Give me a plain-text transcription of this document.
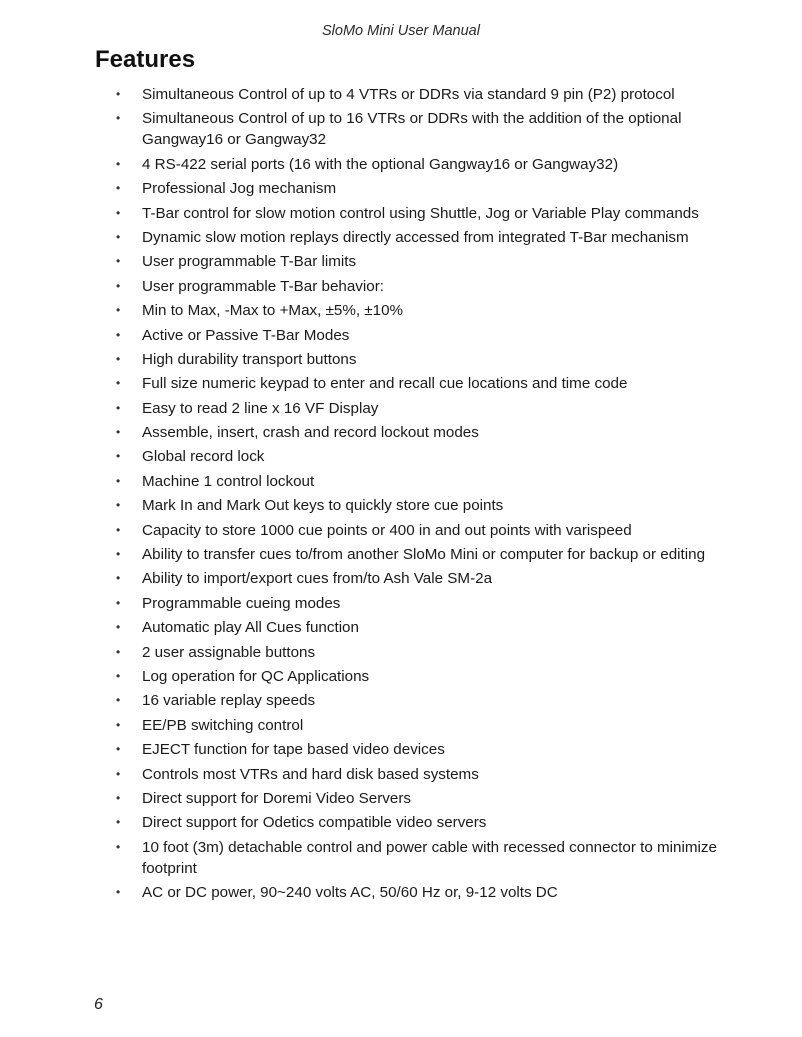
SloMo Mini User Manual

Features
• Simultaneous Control of up to 4 VTRs or DDRs via standard 9 pin (P2) protocol
• Simultaneous Control of up to 16 VTRs or DDRs with the addition of the optional Gangway16 or Gangway32
• 4 RS-422 serial ports (16 with the optional Gangway16 or Gangway32)
• Professional Jog mechanism
• T-Bar control for slow motion control using Shuttle, Jog or Variable Play commands
• Dynamic slow motion replays directly accessed from integrated T-Bar mechanism
• User programmable T-Bar limits
• User programmable T-Bar behavior:
• Min to Max, -Max to +Max, ±5%, ±10%
• Active or Passive T-Bar Modes
• High durability transport buttons
• Full size numeric keypad to enter and recall cue locations and time code
• Easy to read 2 line x 16 VF Display
• Assemble, insert, crash and record lockout modes
• Global record lock
• Machine 1 control lockout
• Mark In and Mark Out keys to quickly store cue points
• Capacity to store 1000 cue points or 400 in and out points with varispeed
• Ability to transfer cues to/from another SloMo Mini or computer for backup or editing
• Ability to import/export cues from/to Ash Vale SM-2a
• Programmable cueing modes
• Automatic play All Cues function
• 2 user assignable buttons
• Log operation for QC Applications
• 16 variable replay speeds
• EE/PB switching control
• EJECT function for tape based video devices
• Controls most VTRs and hard disk based systems
• Direct support for Doremi Video Servers
• Direct support for Odetics compatible video servers
• 10 foot (3m) detachable control and power cable with recessed connector to minimize footprint
• AC or DC power, 90~240 volts AC, 50/60 Hz or, 9-12 volts DC

6
